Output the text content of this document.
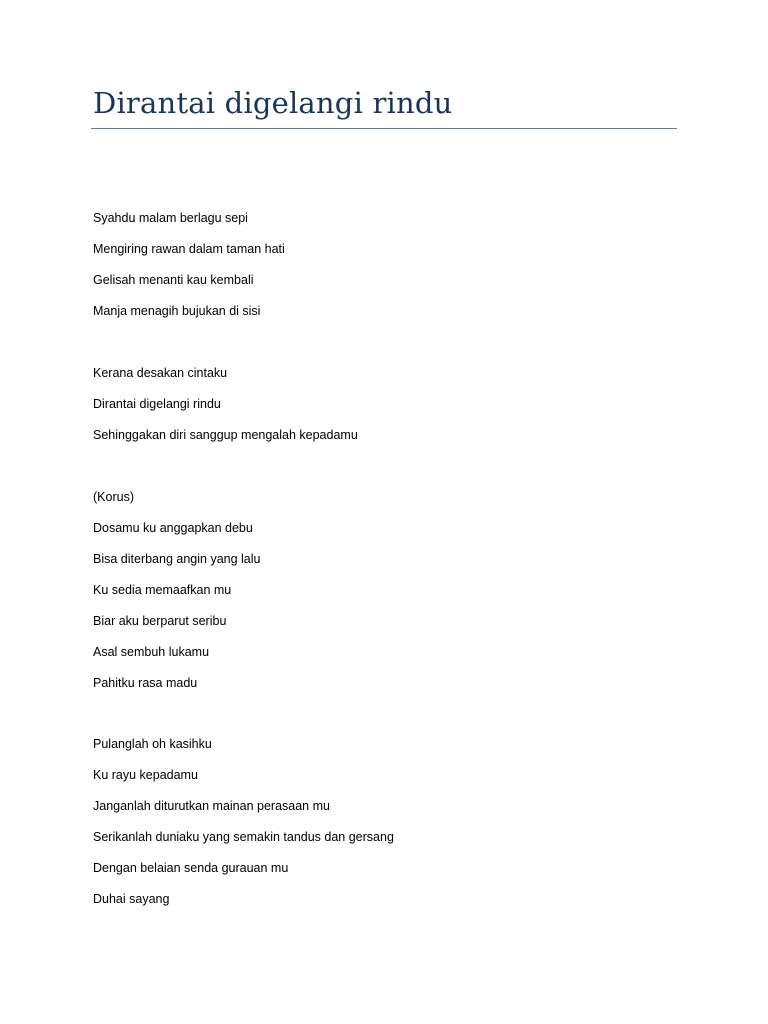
Dirantai digelangi rindu

Syahdu malam berlagu sepi

Mengiring rawan dalam taman hati

Gelisah menanti kau kembali

Manja menagih bujukan di sisi

Kerana desakan cintaku

Dirantai digelangi rindu

Sehinggakan diri sanggup mengalah kepadamu

(Korus)

Dosamu ku anggapkan debu

Bisa diterbang angin yang lalu

Ku sedia memaafkan mu

Biar aku berparut seribu

Asal sembuh lukamu

Pahitku rasa madu

Pulanglah oh kasihku

Ku rayu kepadamu

Janganlah diturutkan mainan perasaan mu

Serikanlah duniaku yang semakin tandus dan gersang

Dengan belaian senda gurauan mu

Duhai sayang
